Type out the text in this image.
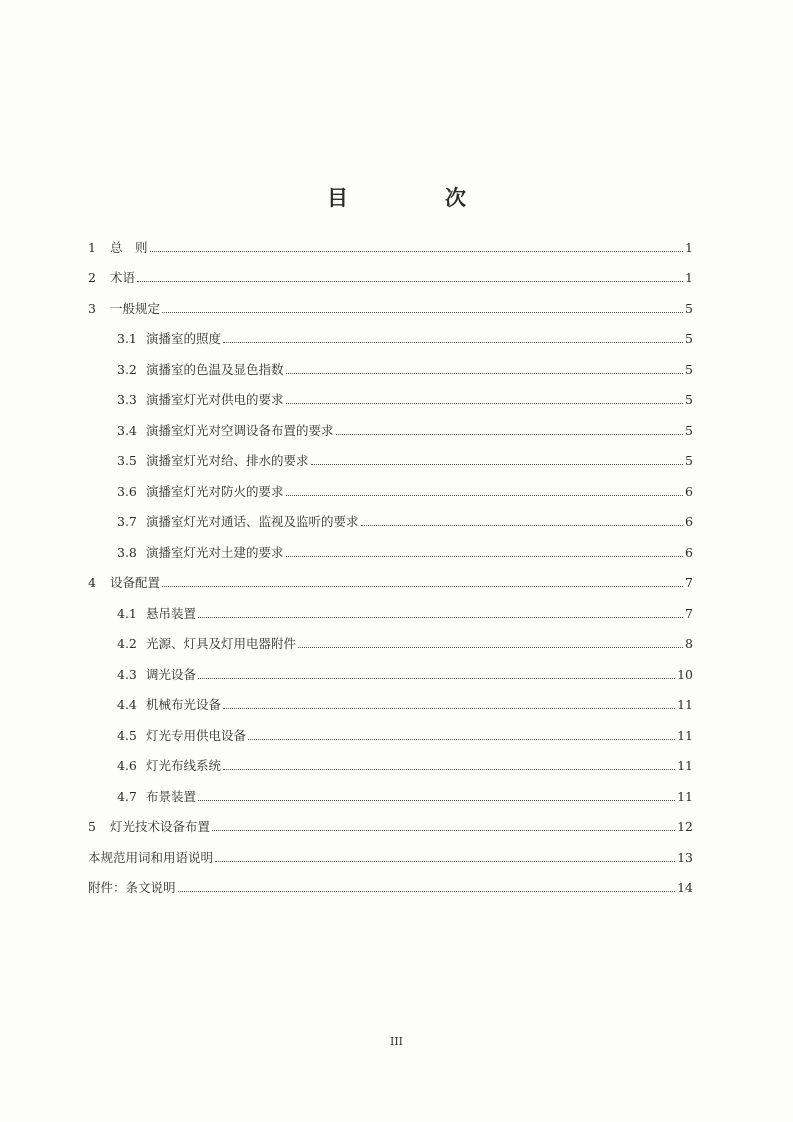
目　次
1	总　则	1
2	术语	1
3	一般规定	5
3.1 演播室的照度	5
3.2 演播室的色温及显色指数	5
3.3 演播室灯光对供电的要求	5
3.4 演播室灯光对空调设备布置的要求	5
3.5 演播室灯光对给、排水的要求	5
3.6 演播室灯光对防火的要求	6
3.7 演播室灯光对通话、监视及监听的要求	6
3.8 演播室灯光对土建的要求	6
4	设备配置	7
4.1 悬吊装置	7
4.2 光源、灯具及灯用电器附件	8
4.3 调光设备	10
4.4 机械布光设备	11
4.5 灯光专用供电设备	11
4.6 灯光布线系统	11
4.7 布景装置	11
5	灯光技术设备布置	12
本规范用词和用语说明	13
附件：条文说明	14
III
